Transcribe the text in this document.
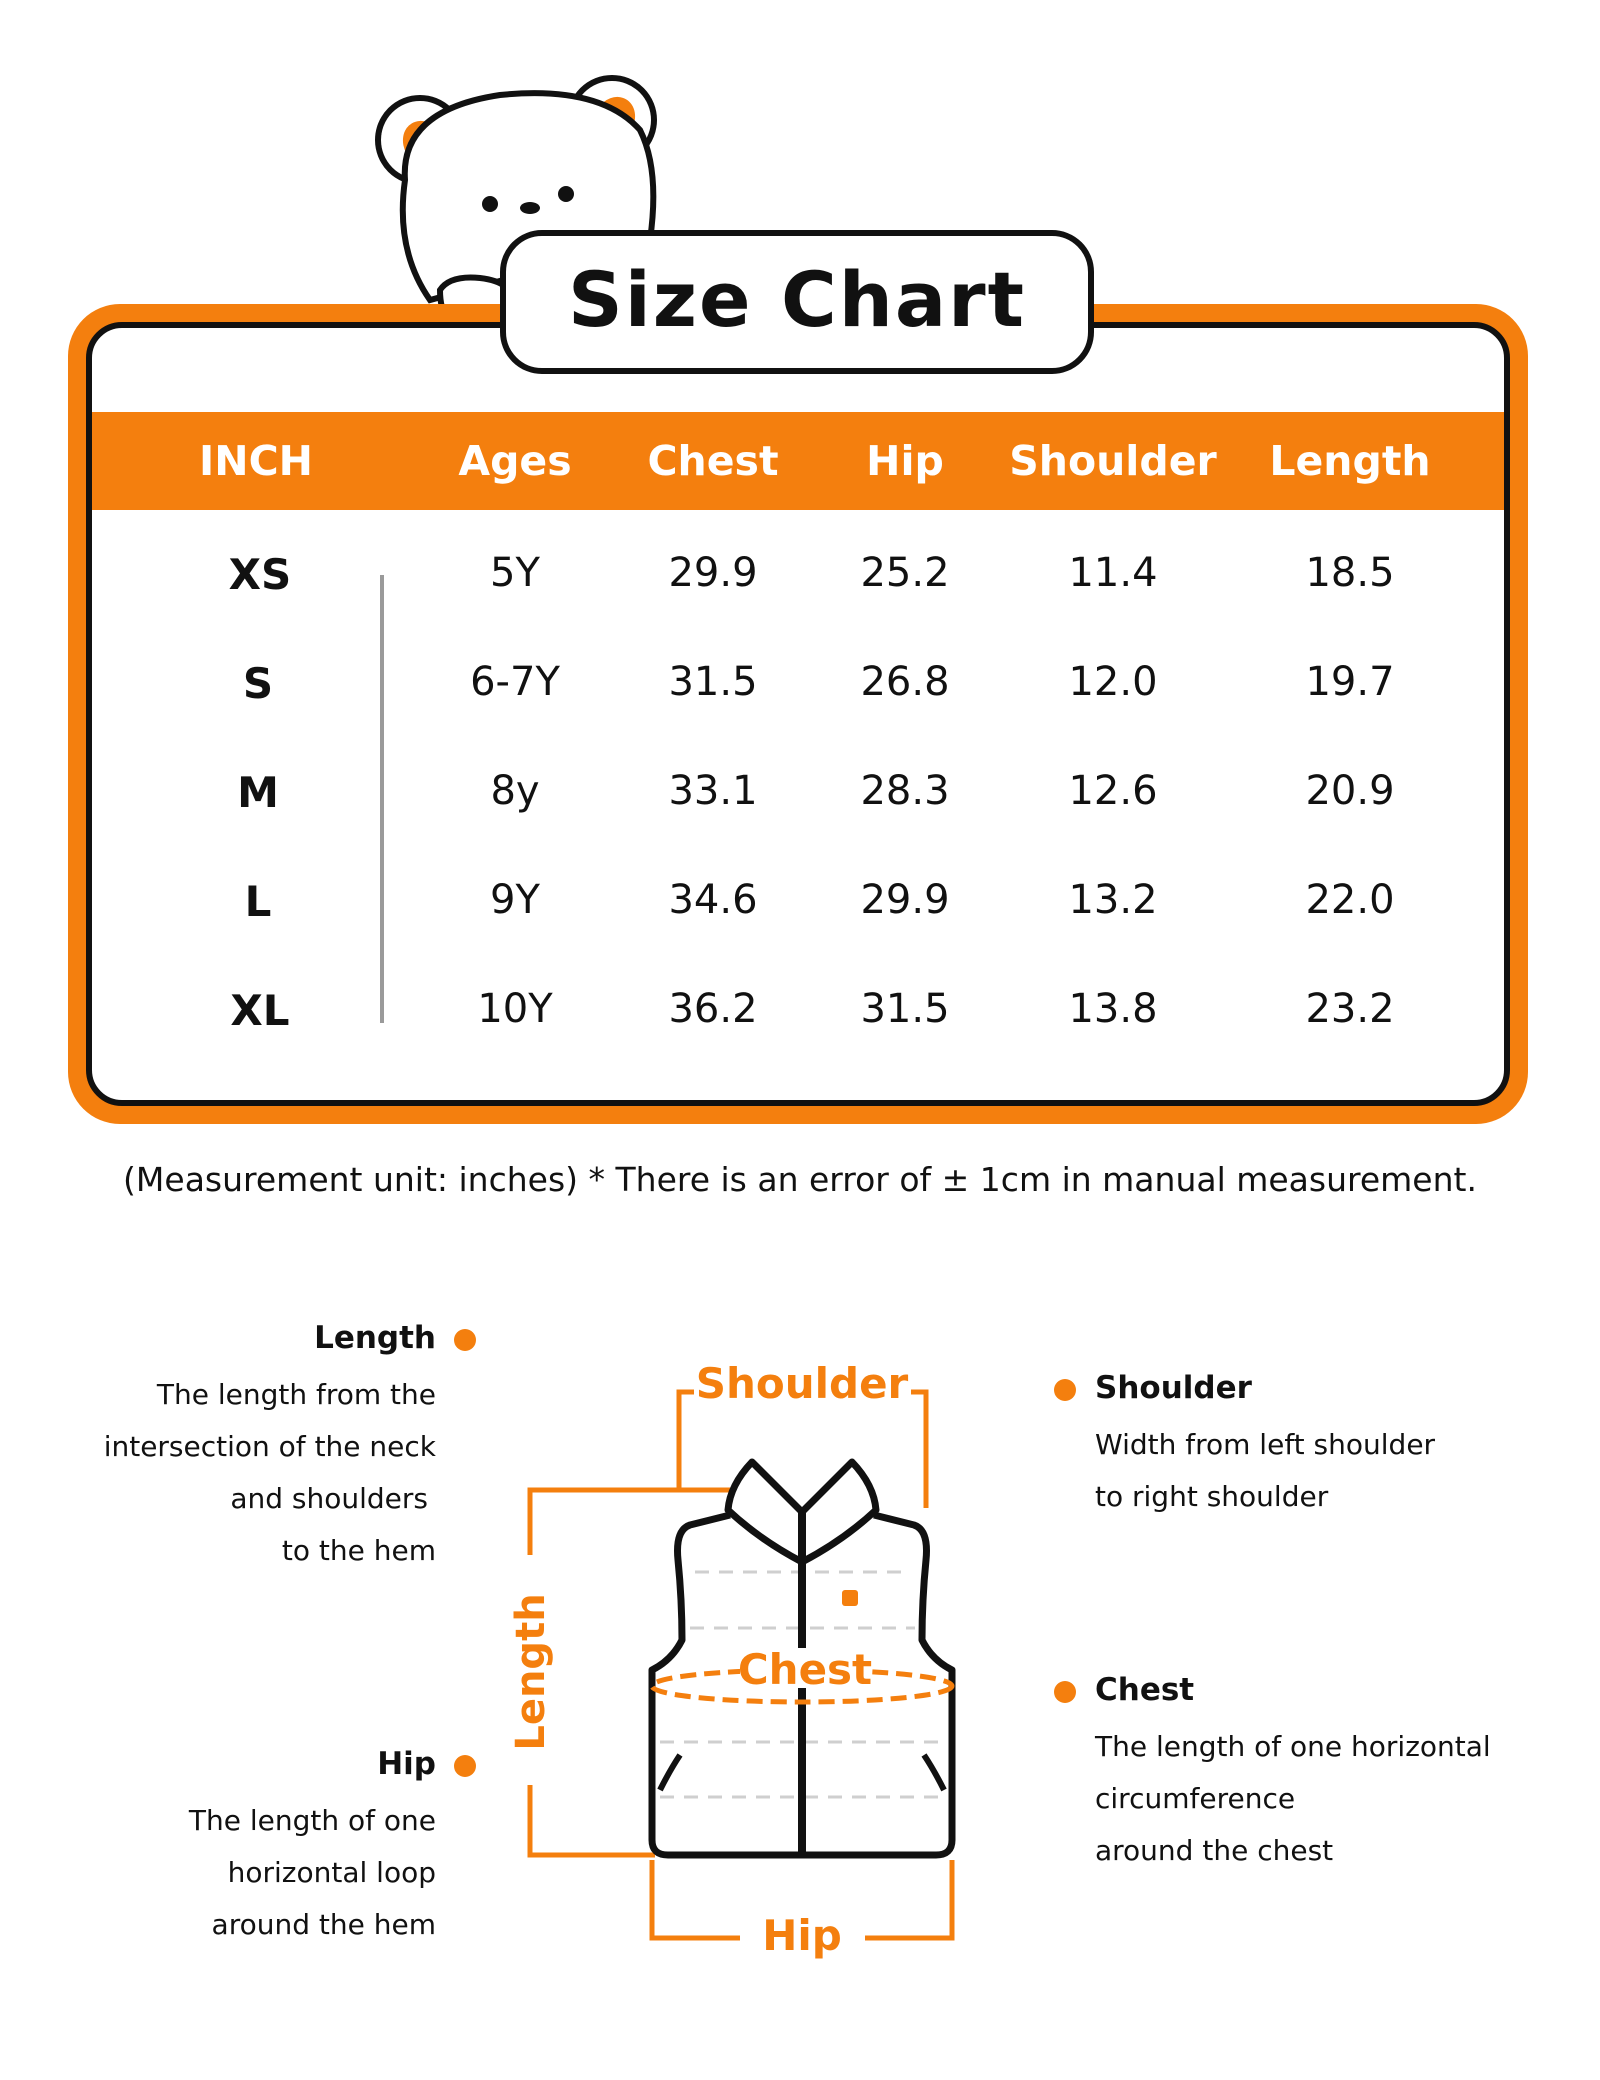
Size Chart
INCH	Ages	Chest	Hip	Shoulder	Length
XS	5Y	29.9	25.2	11.4	18.5
S	6-7Y	31.5	26.8	12.0	19.7
M	8y	33.1	28.3	12.6	20.9
L	9Y	34.6	29.9	13.2	22.0
XL	10Y	36.2	31.5	13.8	23.2
(Measurement unit: inches) * There is an error of ± 1cm in manual measurement.
Length
The length from the
intersection of the neck
and shoulders
to the hem
Hip
The length of one
horizontal loop
around the hem
Shoulder
Width from left shoulder
to right shoulder
Chest
The length of one horizontal
circumference
around the chest
Shoulder
Length
Hip
Chest
